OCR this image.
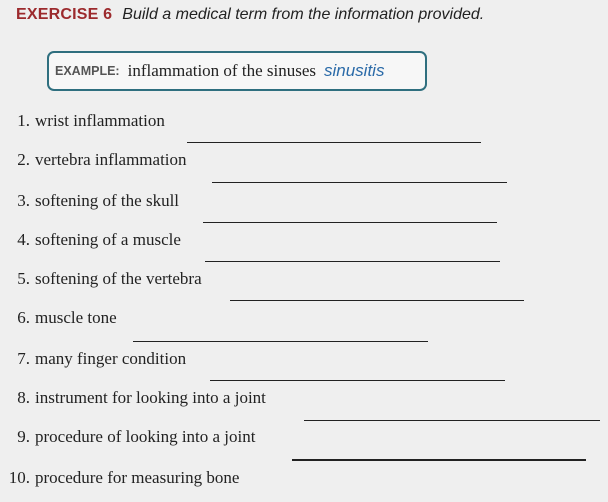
EXERCISE 6 Build a medical term from the information provided.
EXAMPLE: inflammation of the sinuses sinusitis
1. wrist inflammation
2. vertebra inflammation
3. softening of the skull
4. softening of a muscle
5. softening of the vertebra
6. muscle tone
7. many finger condition
8. instrument for looking into a joint
9. procedure of looking into a joint
10. procedure for measuring bone
